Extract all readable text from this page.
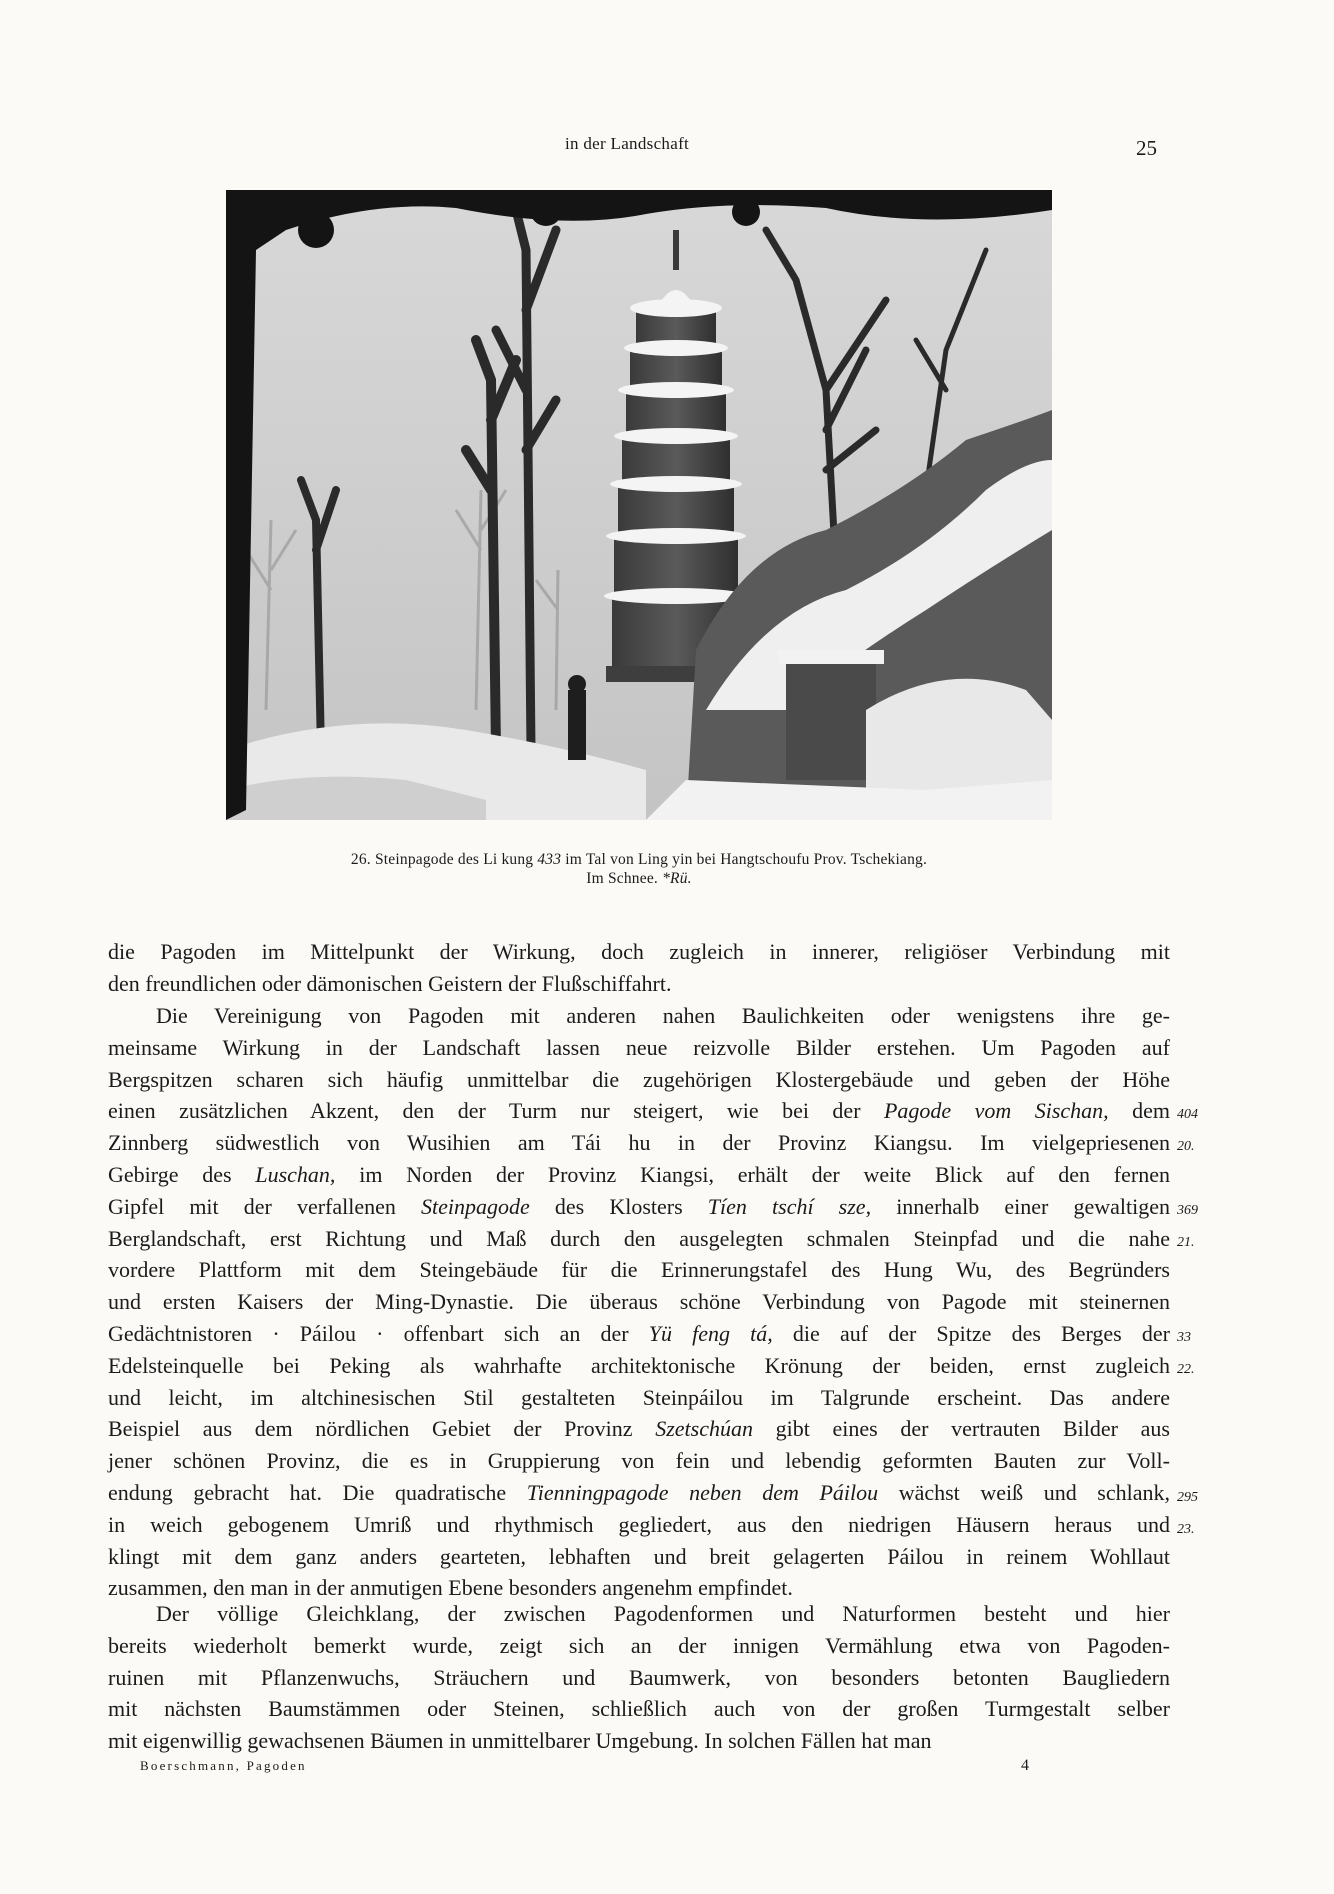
in der Landschaft	25
26. Steinpagode des Li kung 433 im Tal von Ling yin bei Hangtschoufu Prov. Tschekiang.
Im Schnee. *Rü.
die Pagoden im Mittelpunkt der Wirkung, doch zugleich in innerer, religiöser Verbindung mit
den freundlichen oder dämonischen Geistern der Flußschiffahrt.
Die Vereinigung von Pagoden mit anderen nahen Baulichkeiten oder wenigstens ihre ge-
meinsame Wirkung in der Landschaft lassen neue reizvolle Bilder erstehen. Um Pagoden auf
Bergspitzen scharen sich häufig unmittelbar die zugehörigen Klostergebäude und geben der Höhe
einen zusätzlichen Akzent, den der Turm nur steigert, wie bei der Pagode vom Sischan, dem
Zinnberg südwestlich von Wusihien am Tái hu in der Provinz Kiangsu. Im vielgepriesenen
Gebirge des Luschan, im Norden der Provinz Kiangsi, erhält der weite Blick auf den fernen
Gipfel mit der verfallenen Steinpagode des Klosters Tíen tschí sze, innerhalb einer gewaltigen
Berglandschaft, erst Richtung und Maß durch den ausgelegten schmalen Steinpfad und die nahe
vordere Plattform mit dem Steingebäude für die Erinnerungstafel des Hung Wu, des Begründers
und ersten Kaisers der Ming-Dynastie. Die überaus schöne Verbindung von Pagode mit steinernen
Gedächtnistoren · Páilou · offenbart sich an der Yü feng tá, die auf der Spitze des Berges der
Edelsteinquelle bei Peking als wahrhafte architektonische Krönung der beiden, ernst zugleich
und leicht, im altchinesischen Stil gestalteten Steinpáilou im Talgrunde erscheint. Das andere
Beispiel aus dem nördlichen Gebiet der Provinz Szetschúan gibt eines der vertrauten Bilder aus
jener schönen Provinz, die es in Gruppierung von fein und lebendig geformten Bauten zur Voll-
endung gebracht hat. Die quadratische Tienningpagode neben dem Páilou wächst weiß und schlank,
in weich gebogenem Umriß und rhythmisch gegliedert, aus den niedrigen Häusern heraus und
klingt mit dem ganz anders gearteten, lebhaften und breit gelagerten Páilou in reinem Wohllaut
zusammen, den man in der anmutigen Ebene besonders angenehm empfindet.
Der völlige Gleichklang, der zwischen Pagodenformen und Naturformen besteht und hier
bereits wiederholt bemerkt wurde, zeigt sich an der innigen Vermählung etwa von Pagoden-
ruinen mit Pflanzenwuchs, Sträuchern und Baumwerk, von besonders betonten Baugliedern
mit nächsten Baumstämmen oder Steinen, schließlich auch von der großen Turmgestalt selber
mit eigenwillig gewachsenen Bäumen in unmittelbarer Umgebung. In solchen Fällen hat man
404
20.
369
21.
33
22.
295
23.
Boerschmann, Pagoden	4
